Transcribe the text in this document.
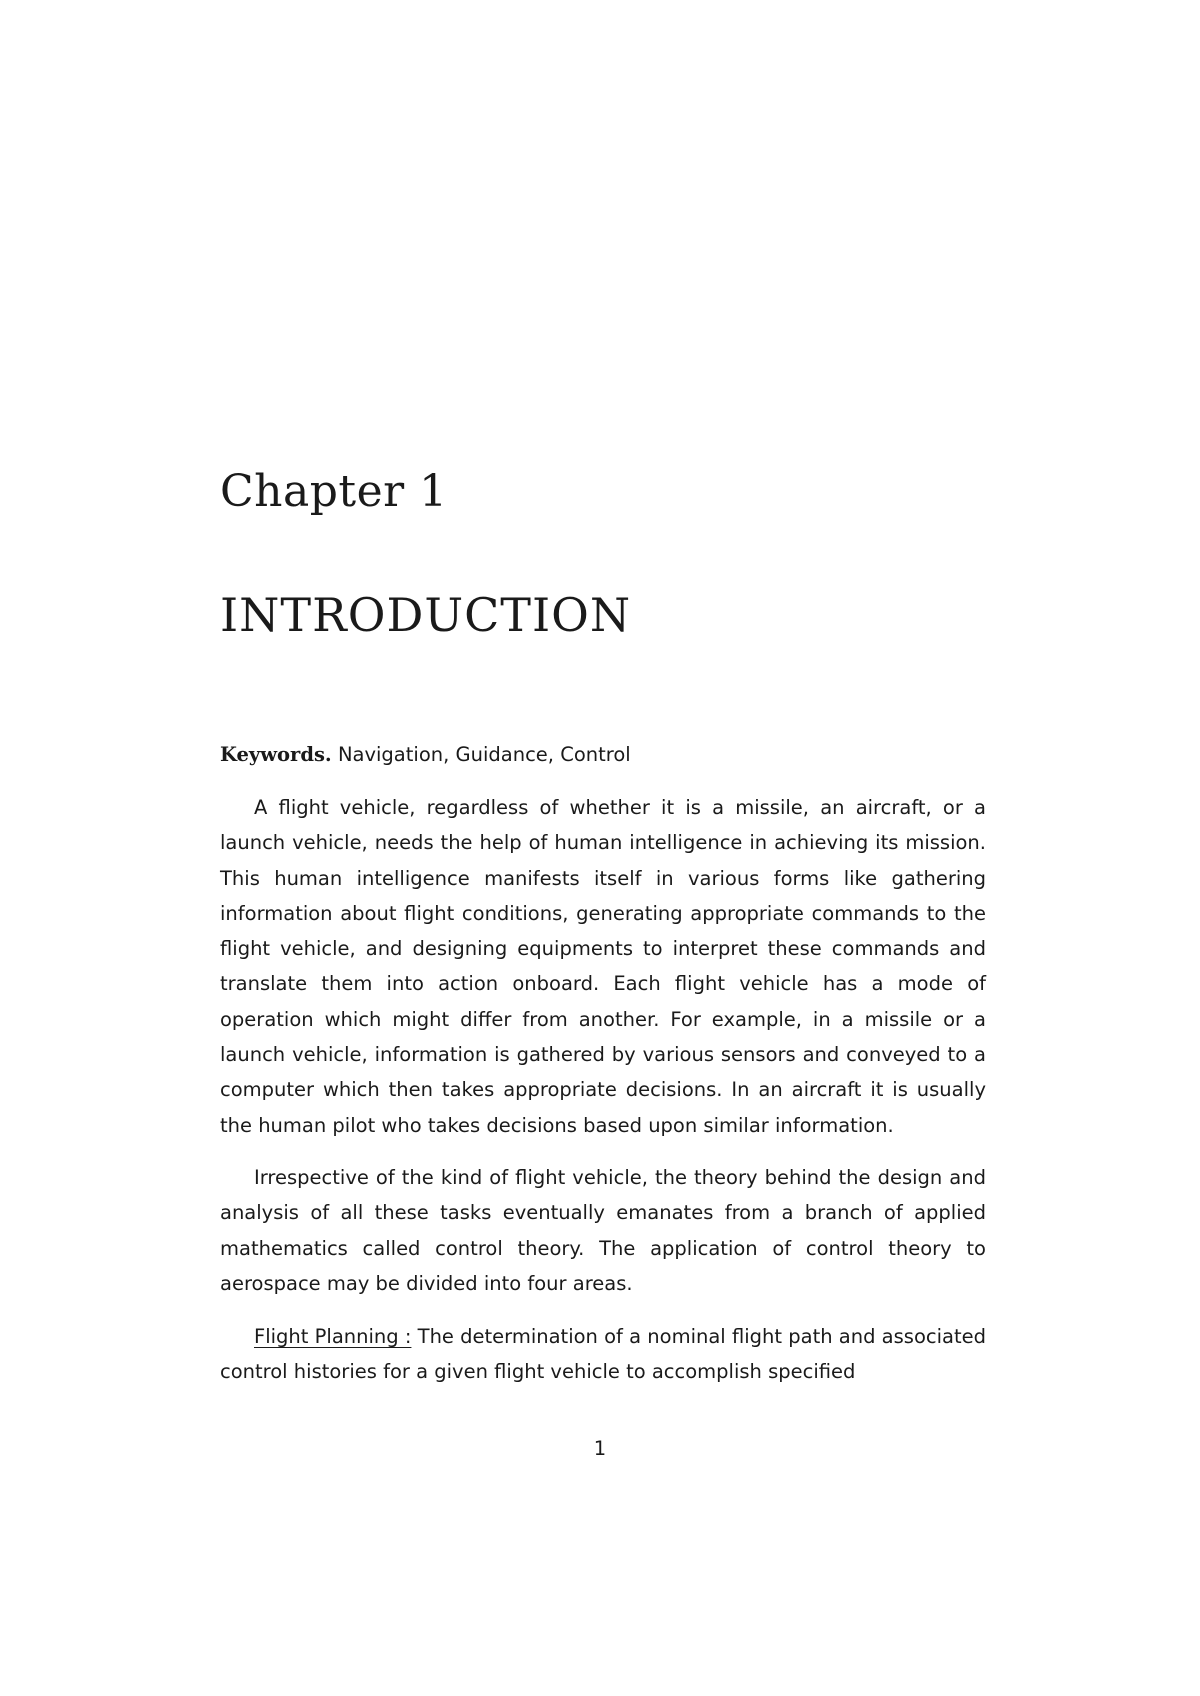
Chapter 1
INTRODUCTION
Keywords. Navigation, Guidance, Control

A flight vehicle, regardless of whether it is a missile, an aircraft, or a launch vehicle, needs the help of human intelligence in achieving its mission. This human intelligence manifests itself in various forms like gathering information about flight conditions, generating appropriate commands to the flight vehicle, and designing equipments to interpret these commands and translate them into action onboard. Each flight vehicle has a mode of operation which might differ from another. For example, in a missile or a launch vehicle, information is gathered by various sensors and conveyed to a computer which then takes appropriate decisions. In an aircraft it is usually the human pilot who takes decisions based upon similar information.

Irrespective of the kind of flight vehicle, the theory behind the design and analysis of all these tasks eventually emanates from a branch of applied mathematics called control theory. The application of control theory to aerospace may be divided into four areas.

Flight Planning : The determination of a nominal flight path and associated control histories for a given flight vehicle to accomplish specified

1
